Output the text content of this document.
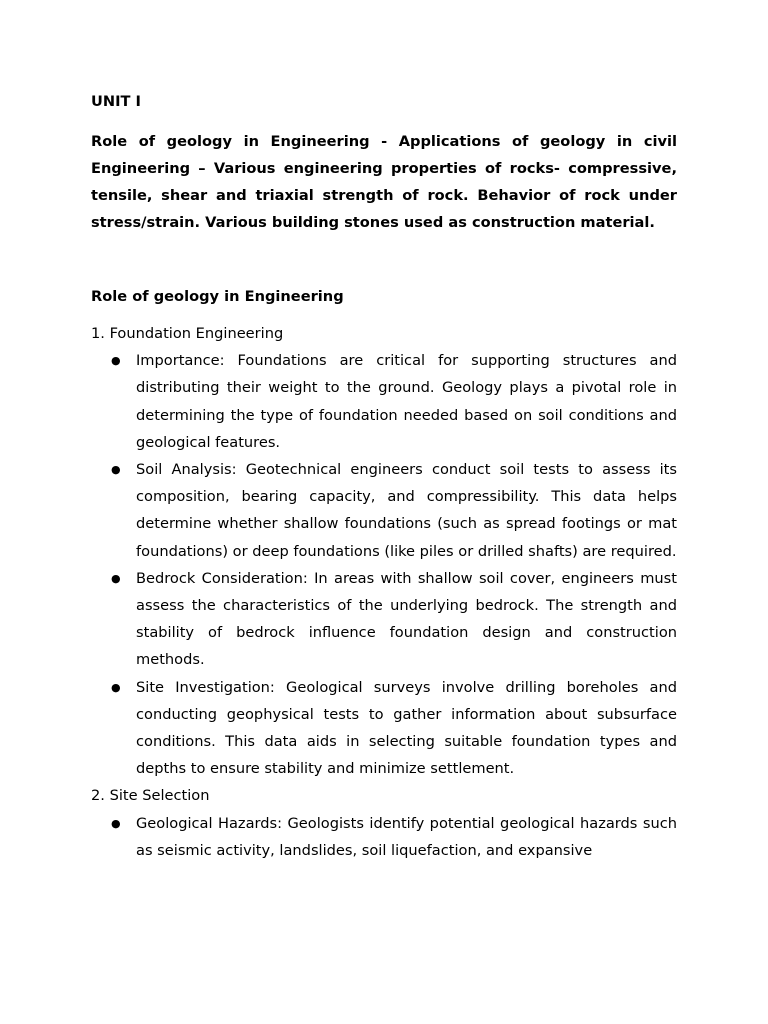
UNIT I

Role of geology in Engineering - Applications of geology in civil Engineering – Various engineering properties of rocks- compressive, tensile, shear and triaxial strength of rock. Behavior of rock under stress/strain. Various building stones used as construction material.

Role of geology in Engineering

1. Foundation Engineering

● Importance: Foundations are critical for supporting structures and distributing their weight to the ground. Geology plays a pivotal role in determining the type of foundation needed based on soil conditions and geological features.
● Soil Analysis: Geotechnical engineers conduct soil tests to assess its composition, bearing capacity, and compressibility. This data helps determine whether shallow foundations (such as spread footings or mat foundations) or deep foundations (like piles or drilled shafts) are required.
● Bedrock Consideration: In areas with shallow soil cover, engineers must assess the characteristics of the underlying bedrock. The strength and stability of bedrock influence foundation design and construction methods.
● Site Investigation: Geological surveys involve drilling boreholes and conducting geophysical tests to gather information about subsurface conditions. This data aids in selecting suitable foundation types and depths to ensure stability and minimize settlement.

2. Site Selection

● Geological Hazards: Geologists identify potential geological hazards such as seismic activity, landslides, soil liquefaction, and expansive
